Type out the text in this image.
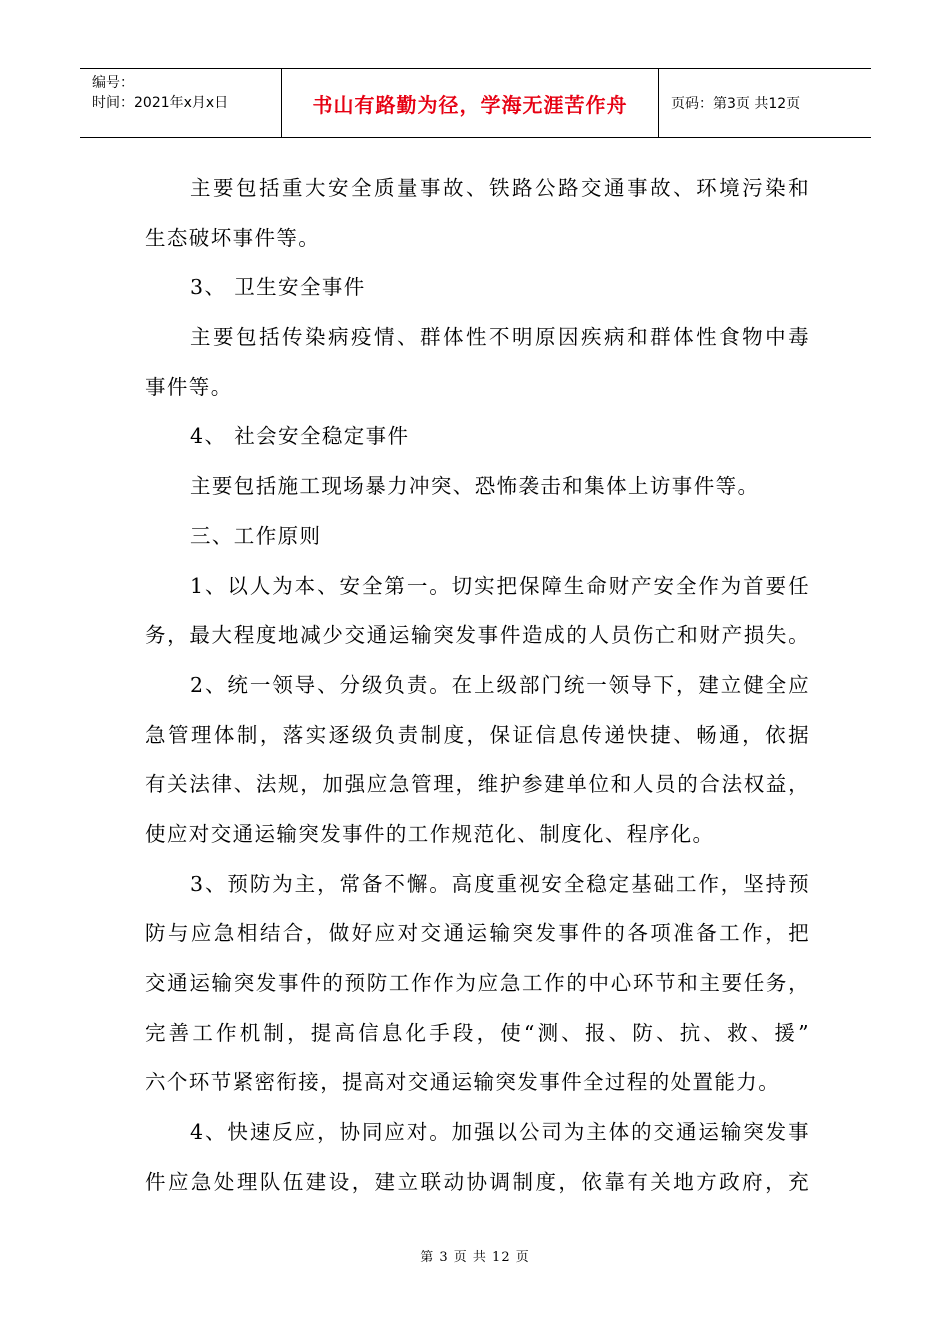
编号：
时间：2021年x月x日	书山有路勤为径，学海无涯苦作舟	页码：第3页 共12页
主要包括重大安全质量事故、铁路公路交通事故、环境污染和
生态破坏事件等。
3、 卫生安全事件
主要包括传染病疫情、群体性不明原因疾病和群体性食物中毒
事件等。
4、 社会安全稳定事件
主要包括施工现场暴力冲突、恐怖袭击和集体上访事件等。
三、工作原则
1、以人为本、安全第一。切实把保障生命财产安全作为首要任
务，最大程度地减少交通运输突发事件造成的人员伤亡和财产损失。
2、统一领导、分级负责。在上级部门统一领导下，建立健全应
急管理体制，落实逐级负责制度，保证信息传递快捷、畅通，依据
有关法律、法规，加强应急管理，维护参建单位和人员的合法权益，
使应对交通运输突发事件的工作规范化、制度化、程序化。
3、预防为主，常备不懈。高度重视安全稳定基础工作，坚持预
防与应急相结合，做好应对交通运输突发事件的各项准备工作，把
交通运输突发事件的预防工作作为应急工作的中心环节和主要任务，
完善工作机制，提高信息化手段，使“测、报、防、抗、救、援”
六个环节紧密衔接，提高对交通运输突发事件全过程的处置能力。
4、快速反应，协同应对。加强以公司为主体的交通运输突发事
件应急处理队伍建设，建立联动协调制度，依靠有关地方政府，充
第 3 页 共 12 页
